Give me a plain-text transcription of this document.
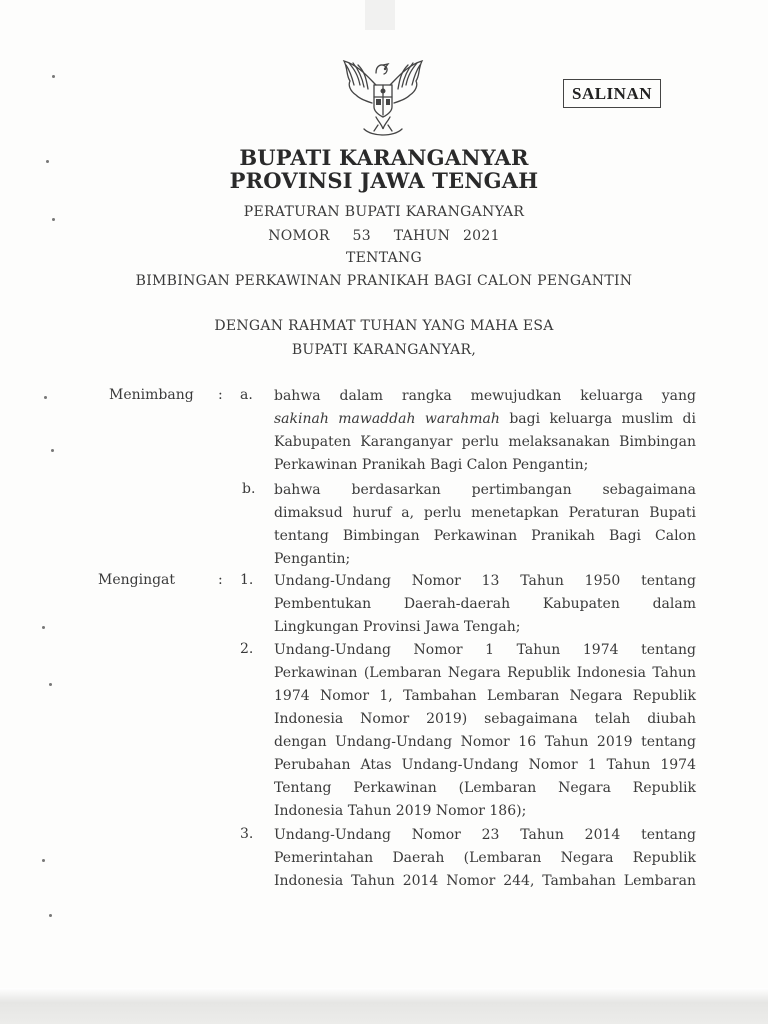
SALINAN
BUPATI KARANGANYAR
PROVINSI JAWA TENGAH
PERATURAN BUPATI KARANGANYAR
NOMOR 53 TAHUN 2021
TENTANG
BIMBINGAN PERKAWINAN PRANIKAH BAGI CALON PENGANTIN
DENGAN RAHMAT TUHAN YANG MAHA ESA
BUPATI KARANGANYAR,
Menimbang : a. bahwa dalam rangka mewujudkan keluarga yang
sakinah mawaddah warahmah bagi keluarga muslim di
Kabupaten Karanganyar perlu melaksanakan Bimbingan
Perkawinan Pranikah Bagi Calon Pengantin;
b. bahwa berdasarkan pertimbangan sebagaimana
dimaksud huruf a, perlu menetapkan Peraturan Bupati
tentang Bimbingan Perkawinan Pranikah Bagi Calon
Pengantin;
Mengingat	: 1. Undang-Undang Nomor 13 Tahun 1950 tentang
Pembentukan Daerah-daerah Kabupaten dalam
Lingkungan Provinsi Jawa Tengah;
2. Undang-Undang Nomor 1 Tahun 1974 tentang
Perkawinan (Lembaran Negara Republik Indonesia Tahun
1974 Nomor 1, Tambahan Lembaran Negara Republik
Indonesia Nomor 2019) sebagaimana telah diubah
dengan Undang-Undang Nomor 16 Tahun 2019 tentang
Perubahan Atas Undang-Undang Nomor 1 Tahun 1974
Tentang Perkawinan (Lembaran Negara Republik
Indonesia Tahun 2019 Nomor 186);
3. Undang-Undang Nomor 23 Tahun 2014 tentang
Pemerintahan Daerah (Lembaran Negara Republik
Indonesia Tahun 2014 Nomor 244, Tambahan Lembaran
